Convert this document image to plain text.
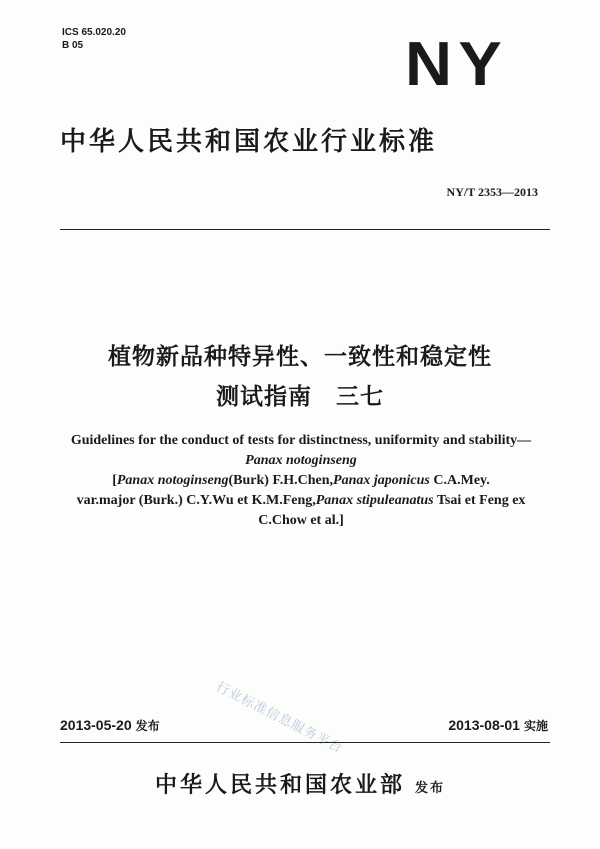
ICS 65.020.20
B 05	NY
中华人民共和国农业行业标准
NY/T 2353—2013
植物新品种特异性、一致性和稳定性
测试指南　三七
Guidelines for the conduct of tests for distinctness, uniformity and stability—
Panax notoginseng
[Panax notoginseng(Burk) F.H.Chen,Panax japonicus C.A.Mey.
var.major (Burk.) C.Y.Wu et K.M.Feng,Panax stipuleanatus Tsai et Feng ex
C.Chow et al.]
行业标准信息服务平台
2013-05-20 发布	2013-08-01 实施
中华人民共和国农业部 发布
